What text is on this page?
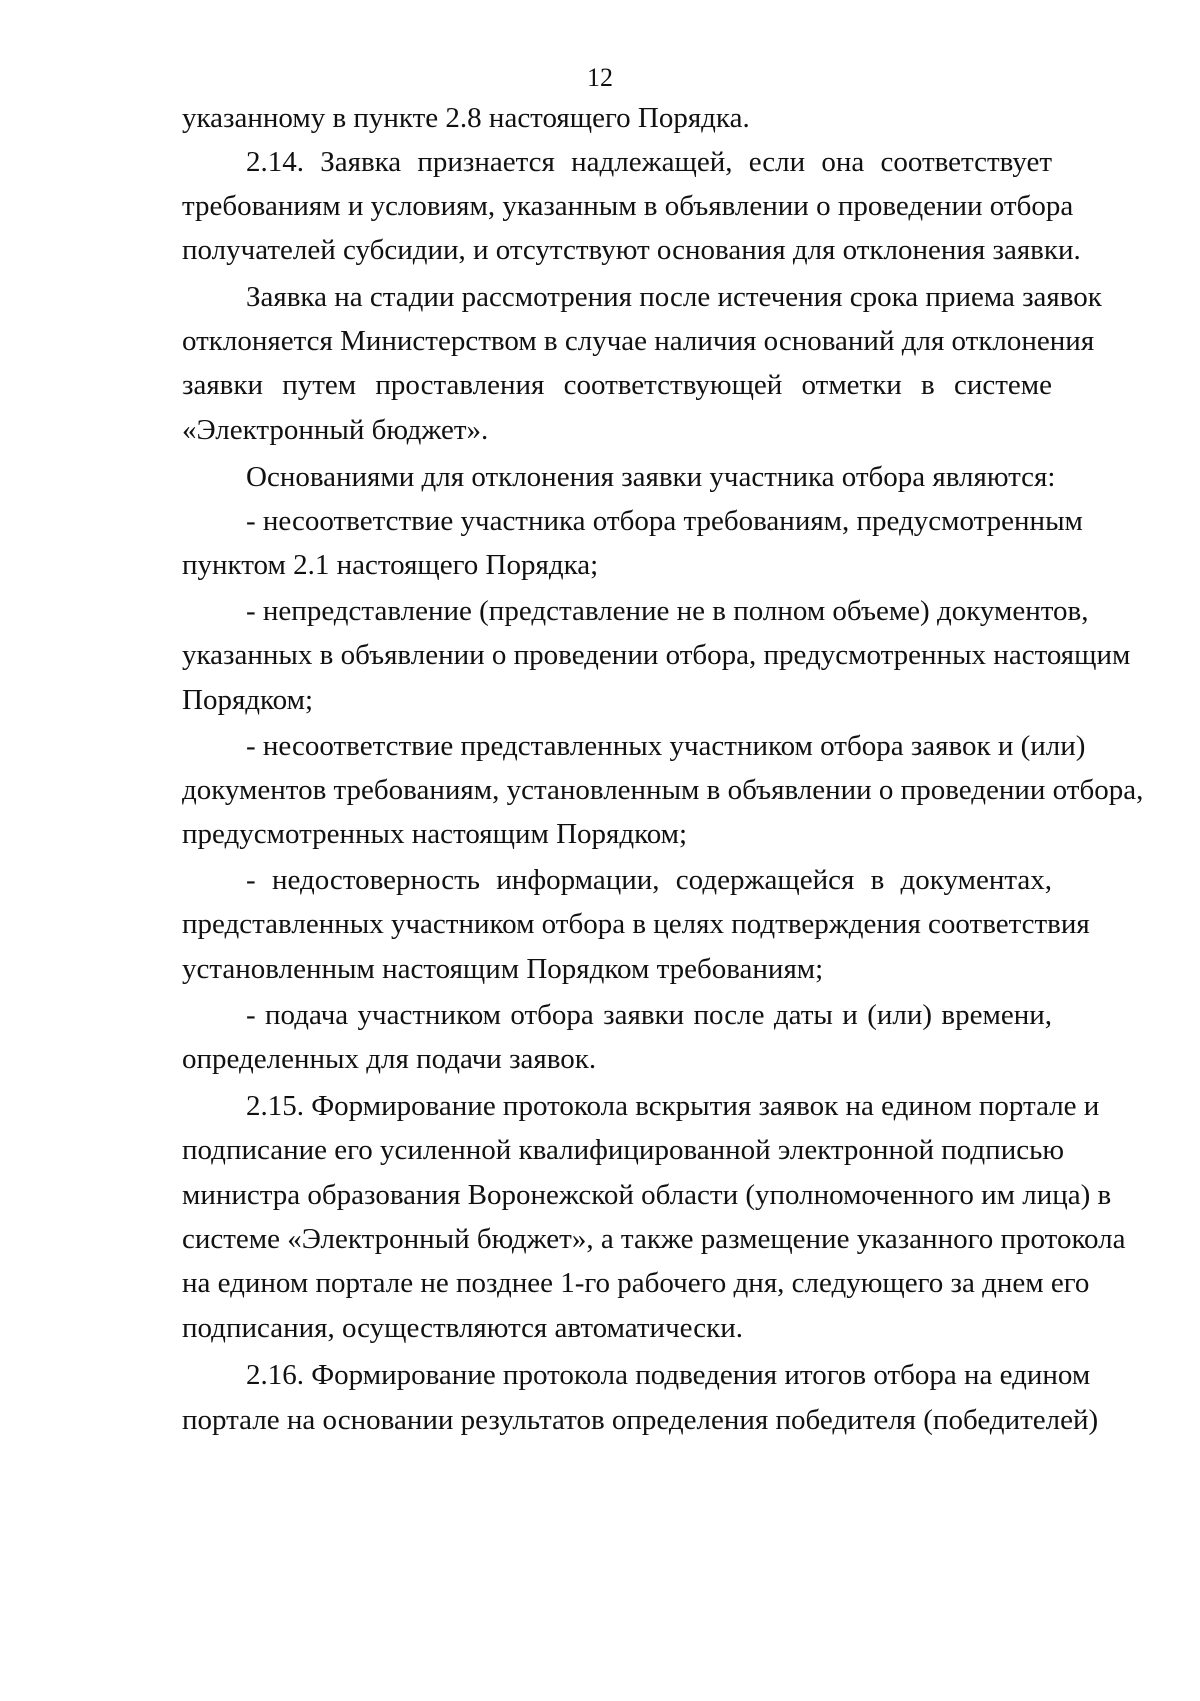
12
указанному в пункте 2.8 настоящего Порядка.
2.14. Заявка признается надлежащей, если она соответствует
требованиям и условиям, указанным в объявлении о проведении отбора
получателей субсидии, и отсутствуют основания для отклонения заявки.
Заявка на стадии рассмотрения после истечения срока приема заявок
отклоняется Министерством в случае наличия оснований для отклонения
заявки путем проставления соответствующей отметки в системе
«Электронный бюджет».
Основаниями для отклонения заявки участника отбора являются:
- несоответствие участника отбора требованиям, предусмотренным
пунктом 2.1 настоящего Порядка;
- непредставление (представление не в полном объеме) документов,
указанных в объявлении о проведении отбора, предусмотренных настоящим
Порядком;
- несоответствие представленных участником отбора заявок и (или)
документов требованиям, установленным в объявлении о проведении отбора,
предусмотренных настоящим Порядком;
- недостоверность информации, содержащейся в документах,
представленных участником отбора в целях подтверждения соответствия
установленным настоящим Порядком требованиям;
- подача участником отбора заявки после даты и (или) времени,
определенных для подачи заявок.
2.15. Формирование протокола вскрытия заявок на едином портале и
подписание его усиленной квалифицированной электронной подписью
министра образования Воронежской области (уполномоченного им лица) в
системе «Электронный бюджет», а также размещение указанного протокола
на едином портале не позднее 1-го рабочего дня, следующего за днем его
подписания, осуществляются автоматически.
2.16. Формирование протокола подведения итогов отбора на едином
портале на основании результатов определения победителя (победителей)
